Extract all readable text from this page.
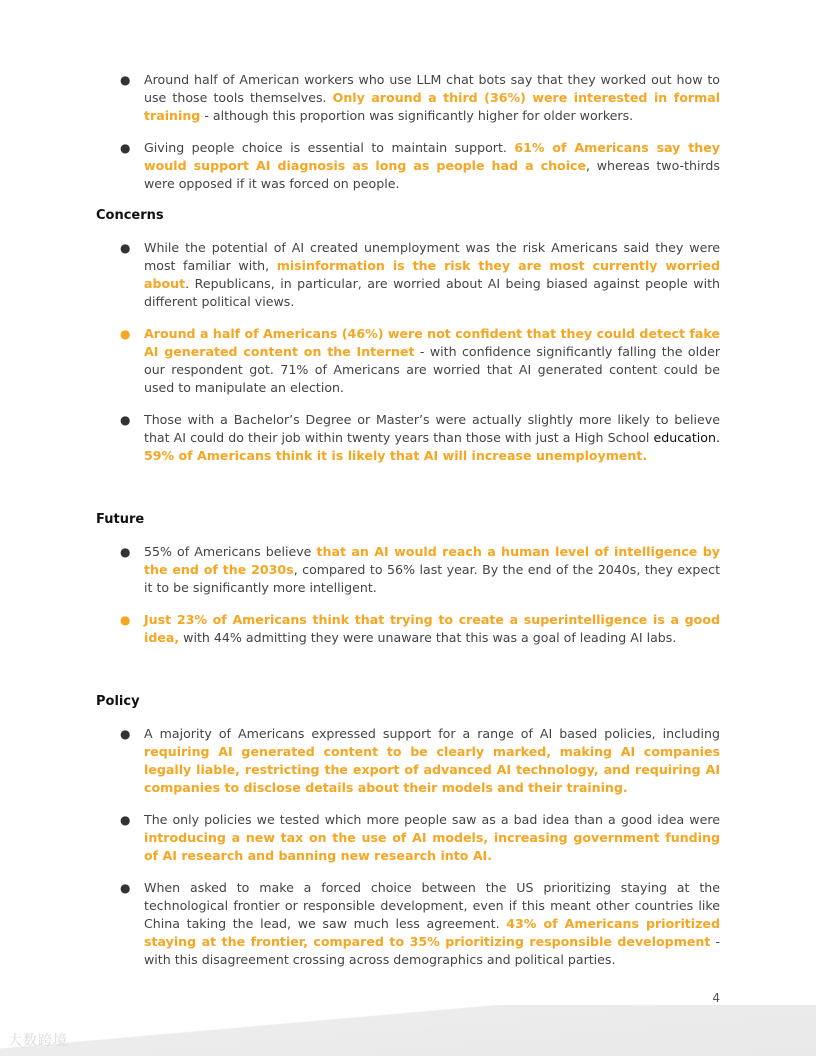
● Around half of American workers who use LLM chat bots say that they worked out how to use those tools themselves. Only around a third (36%) were interested in formal training - although this proportion was significantly higher for older workers.
● Giving people choice is essential to maintain support. 61% of Americans say they would support AI diagnosis as long as people had a choice, whereas two-thirds were opposed if it was forced on people.
Concerns
● While the potential of AI created unemployment was the risk Americans said they were most familiar with, misinformation is the risk they are most currently worried about. Republicans, in particular, are worried about AI being biased against people with different political views.
● Around a half of Americans (46%) were not confident that they could detect fake AI generated content on the Internet - with confidence significantly falling the older our respondent got. 71% of Americans are worried that AI generated content could be used to manipulate an election.
● Those with a Bachelor’s Degree or Master’s were actually slightly more likely to believe that AI could do their job within twenty years than those with just a High School education. 59% of Americans think it is likely that AI will increase unemployment.
Future
● 55% of Americans believe that an AI would reach a human level of intelligence by the end of the 2030s, compared to 56% last year. By the end of the 2040s, they expect it to be significantly more intelligent.
● Just 23% of Americans think that trying to create a superintelligence is a good idea, with 44% admitting they were unaware that this was a goal of leading AI labs.
Policy
● A majority of Americans expressed support for a range of AI based policies, including requiring AI generated content to be clearly marked, making AI companies legally liable, restricting the export of advanced AI technology, and requiring AI companies to disclose details about their models and their training.
● The only policies we tested which more people saw as a bad idea than a good idea were introducing a new tax on the use of AI models, increasing government funding of AI research and banning new research into AI.
● When asked to make a forced choice between the US prioritizing staying at the technological frontier or responsible development, even if this meant other countries like China taking the lead, we saw much less agreement. 43% of Americans prioritized staying at the frontier, compared to 35% prioritizing responsible development - with this disagreement crossing across demographics and political parties.
4
大数跨境
